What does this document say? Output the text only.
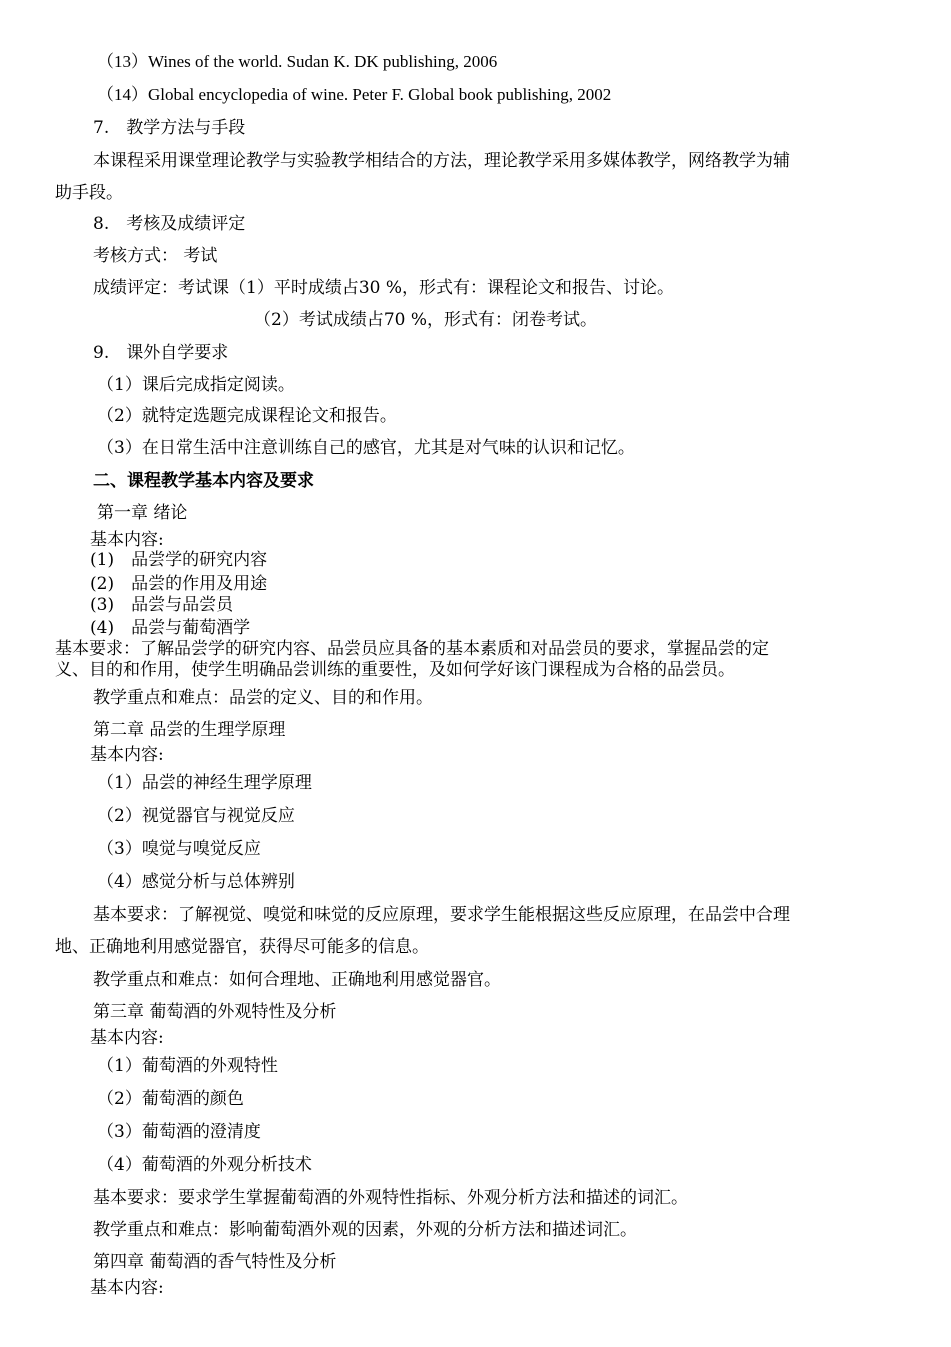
（13）Wines of the world. Sudan K. DK publishing, 2006
（14）Global encyclopedia of wine. Peter F. Global book publishing, 2002
7.　教学方法与手段
本课程采用课堂理论教学与实验教学相结合的方法，理论教学采用多媒体教学，网络教学为辅
助手段。
8.　考核及成绩评定
考核方式： 考试
成绩评定：考试课（1）平时成绩占30 %，形式有：课程论文和报告、讨论。
（2）考试成绩占70 %，形式有：闭卷考试。
9.　课外自学要求
（1）课后完成指定阅读。
（2）就特定选题完成课程论文和报告。
（3）在日常生活中注意训练自己的感官，尤其是对气味的认识和记忆。
二、课程教学基本内容及要求
第一章 绪论
基本内容:
(1)　品尝学的研究内容
(2)　品尝的作用及用途
(3)　品尝与品尝员
(4)　品尝与葡萄酒学
基本要求：了解品尝学的研究内容、品尝员应具备的基本素质和对品尝员的要求，掌握品尝的定
义、目的和作用，使学生明确品尝训练的重要性，及如何学好该门课程成为合格的品尝员。
教学重点和难点：品尝的定义、目的和作用。
第二章 品尝的生理学原理
基本内容:
（1）品尝的神经生理学原理
（2）视觉器官与视觉反应
（3）嗅觉与嗅觉反应
（4）感觉分析与总体辨别
基本要求：了解视觉、嗅觉和味觉的反应原理，要求学生能根据这些反应原理，在品尝中合理
地、正确地利用感觉器官，获得尽可能多的信息。
教学重点和难点：如何合理地、正确地利用感觉器官。
第三章 葡萄酒的外观特性及分析
基本内容:
（1）葡萄酒的外观特性
（2）葡萄酒的颜色
（3）葡萄酒的澄清度
（4）葡萄酒的外观分析技术
基本要求：要求学生掌握葡萄酒的外观特性指标、外观分析方法和描述的词汇。
教学重点和难点：影响葡萄酒外观的因素，外观的分析方法和描述词汇。
第四章 葡萄酒的香气特性及分析
基本内容:
